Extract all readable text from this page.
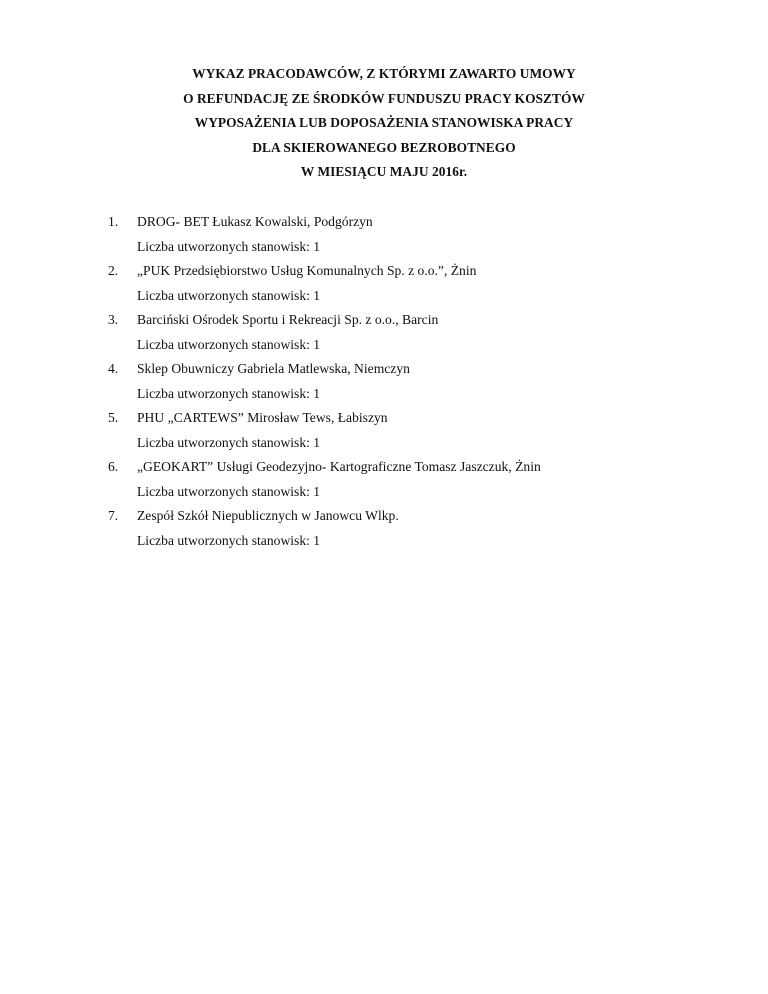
WYKAZ PRACODAWCÓW, Z KTÓRYMI ZAWARTO UMOWY
O REFUNDACJĘ ZE ŚRODKÓW FUNDUSZU PRACY KOSZTÓW
WYPOSAŻENIA LUB DOPOSAŻENIA STANOWISKA PRACY
DLA SKIEROWANEGO BEZROBOTNEGO
W MIESIĄCU MAJU 2016r.
1.	DROG- BET Łukasz Kowalski, Podgórzyn
Liczba utworzonych stanowisk: 1
2.	„PUK Przedsiębiorstwo Usług Komunalnych Sp. z o.o.”, Żnin
Liczba utworzonych stanowisk: 1
3.	Barciński Ośrodek Sportu i Rekreacji Sp. z o.o., Barcin
Liczba utworzonych stanowisk: 1
4.	Sklep Obuwniczy Gabriela Matlewska, Niemczyn
Liczba utworzonych stanowisk: 1
5.	PHU „CARTEWS” Mirosław Tews, Łabiszyn
Liczba utworzonych stanowisk: 1
6.	„GEOKART” Usługi Geodezyjno- Kartograficzne Tomasz Jaszczuk, Żnin
Liczba utworzonych stanowisk: 1
7.	Zespół Szkół Niepublicznych w Janowcu Wlkp.
Liczba utworzonych stanowisk: 1
